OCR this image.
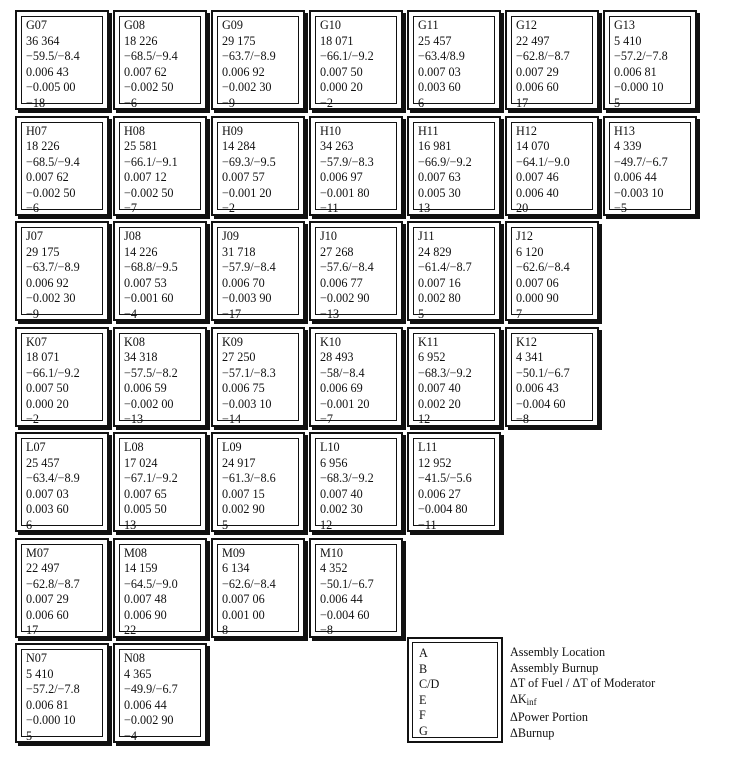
G07
36 364
−59.5/−8.4
0.006 43
−0.005 00
−18
G08
18 226
−68.5/−9.4
0.007 62
−0.002 50
−6
G09
29 175
−63.7/−8.9
0.006 92
−0.002 30
−9
G10
18 071
−66.1/−9.2
0.007 50
0.000 20
−2
G11
25 457
−63.4/8.9
0.007 03
0.003 60
6
G12
22 497
−62.8/−8.7
0.007 29
0.006 60
17
G13
5 410
−57.2/−7.8
0.006 81
−0.000 10
5
H07
18 226
−68.5/−9.4
0.007 62
−0.002 50
−6
H08
25 581
−66.1/−9.1
0.007 12
−0.002 50
−7
H09
14 284
−69.3/−9.5
0.007 57
−0.001 20
−2
H10
34 263
−57.9/−8.3
0.006 97
−0.001 80
−11
H11
16 981
−66.9/−9.2
0.007 63
0.005 30
13
H12
14 070
−64.1/−9.0
0.007 46
0.006 40
20
H13
4 339
−49.7/−6.7
0.006 44
−0.003 10
−5
J07
29 175
−63.7/−8.9
0.006 92
−0.002 30
−9
J08
14 226
−68.8/−9.5
0.007 53
−0.001 60
−4
J09
31 718
−57.9/−8.4
0.006 70
−0.003 90
−17
J10
27 268
−57.6/−8.4
0.006 77
−0.002 90
−13
J11
24 829
−61.4/−8.7
0.007 16
0.002 80
5
J12
6 120
−62.6/−8.4
0.007 06
0.000 90
7
K07
18 071
−66.1/−9.2
0.007 50
0.000 20
−2
K08
34 318
−57.5/−8.2
0.006 59
−0.002 00
−13
K09
27 250
−57.1/−8.3
0.006 75
−0.003 10
−14
K10
28 493
−58/−8.4
0.006 69
−0.001 20
−7
K11
6 952
−68.3/−9.2
0.007 40
0.002 20
12
K12
4 341
−50.1/−6.7
0.006 43
−0.004 60
−8
L07
25 457
−63.4/−8.9
0.007 03
0.003 60
6
L08
17 024
−67.1/−9.2
0.007 65
0.005 50
13
L09
24 917
−61.3/−8.6
0.007 15
0.002 90
5
L10
6 956
−68.3/−9.2
0.007 40
0.002 30
12
L11
12 952
−41.5/−5.6
0.006 27
−0.004 80
−11
M07
22 497
−62.8/−8.7
0.007 29
0.006 60
17
M08
14 159
−64.5/−9.0
0.007 48
0.006 90
22
M09
6 134
−62.6/−8.4
0.007 06
0.001 00
8
M10
4 352
−50.1/−6.7
0.006 44
−0.004 60
−8
N07
5 410
−57.2/−7.8
0.006 81
−0.000 10
5
N08
4 365
−49.9/−6.7
0.006 44
−0.002 90
−4
A
B
C/D
E
F
G
Assembly Location
Assembly Burnup
ΔT of Fuel / ΔT of Moderator
$\Delta K_{inf}$
ΔPower Portion
ΔBurnup
